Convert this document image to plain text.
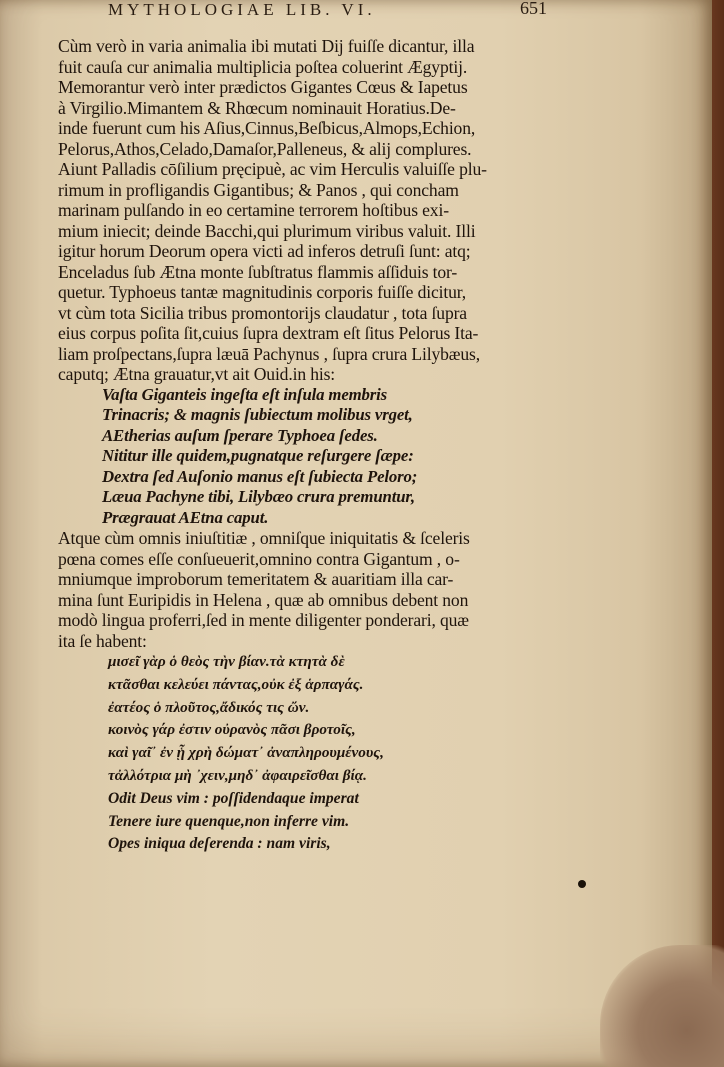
MYTHOLOGIAE LIB. VI.	651
Cùm verò in varia animalia ibi mutati Dij fuiſſe dicantur, illa
fuit cauſa cur animalia multiplicia poſtea coluerint Ægyptij.
Memorantur verò inter prædictos Gigantes Cœus & Iapetus
à Virgilio.Mimantem & Rhœcum nominauit Horatius.De-
inde fuerunt cum his Aſius,Cinnus,Beſbicus,Almops,Echion,
Pelorus,Athos,Celado,Damaſor,Palleneus, & alij complures.
Aiunt Palladis cōſilium pręcipuè, ac vim Herculis valuiſſe plu-
rimum in profligandis Gigantibus; & Panos , qui concham
marinam pulſando in eo certamine terrorem hoſtibus exi-
mium iniecit; deinde Bacchi,qui plurimum viribus valuit. Illi
igitur horum Deorum opera victi ad inferos detruſi ſunt: atq;
Enceladus ſub Ætna monte ſubſtratus flammis aſſiduis tor-
quetur. Typhoeus tantæ magnitudinis corporis fuiſſe dicitur,
vt cùm tota Sicilia tribus promontorijs claudatur , tota ſupra
eius corpus poſita ſit,cuius ſupra dextram eſt ſitus Pelorus Ita-
liam proſpectans,ſupra læuā Pachynus , ſupra crura Lilybæus,
caputq; Ætna grauatur,vt ait Ouid.in his:
Vaſta Giganteis ingeſta eſt inſula membris
Trinacris; & magnis ſubiectum molibus vrget,
AEtherias auſum ſperare Typhoea ſedes.
Nititur ille quidem,pugnatque reſurgere ſæpe:
Dextra ſed Auſonio manus eſt ſubiecta Peloro;
Læua Pachyne tibi, Lilybæo crura premuntur,
Prægrauat AEtna caput.
Atque cùm omnis iniuſtitiæ , omniſque iniquitatis & ſceleris
pœna comes eſſe conſueuerit,omnino contra Gigantum , o-
mniumque improborum temeritatem & auaritiam illa car-
mina ſunt Euripidis in Helena , quæ ab omnibus debent non
modò lingua proferri,ſed in mente diligenter ponderari, quæ
ita ſe habent:
μισεῖ γὰρ ὁ θεὸς τὴν βίαν.τὰ κτητὰ δὲ
κτᾶσθαι κελεύει πάντας,οὐκ ἐξ ἁρπαγάς.
ἐατέος ὁ πλοῦτος,ἄδικός τις ὤν.
κοινὸς γάρ ἐστιν οὐρανὸς πᾶσι βροτοῖς,
καὶ γαῖ᾽ ἐν ᾗ χρὴ δώματ᾽ ἀναπληρουμένους,
τἀλλότρια μὴ ᾽χειν,μηδ᾽ ἀφαιρεῖσθαι βίᾳ.
Odit Deus vim : poſſidendaque imperat
Tenere iure quenque,non inferre vim.
Opes iniqua deſerenda : nam viris,
